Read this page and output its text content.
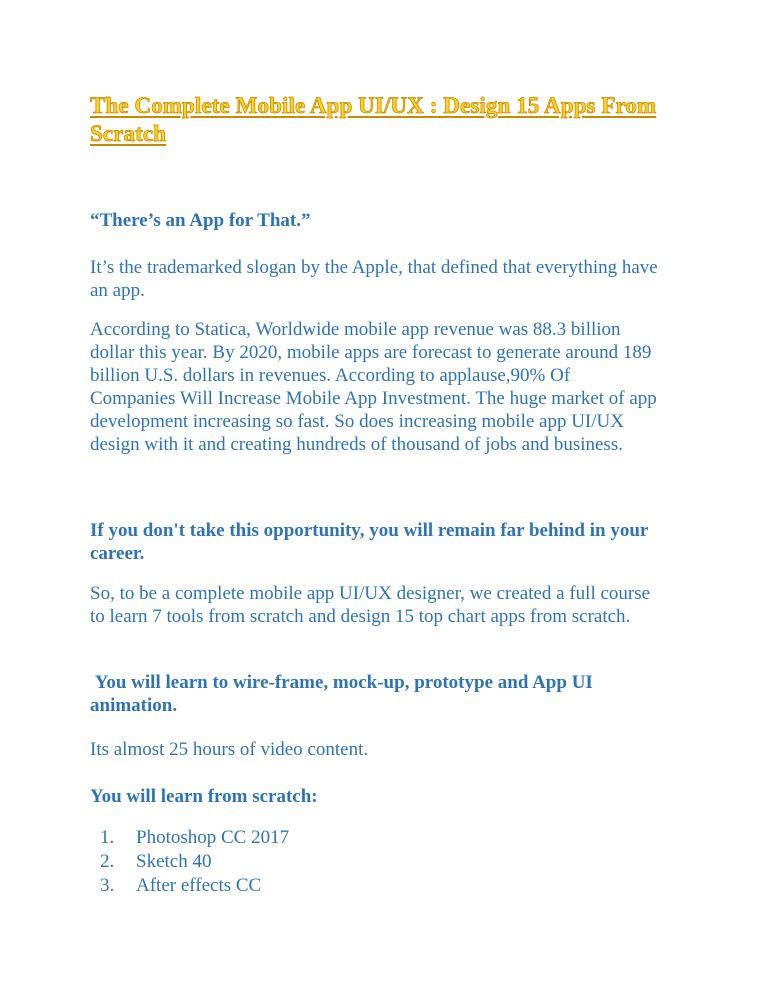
The Complete Mobile App UI/UX : Design 15 Apps From Scratch

“There’s an App for That.”

It’s the trademarked slogan by the Apple, that defined that everything have an app.

According to Statica, Worldwide mobile app revenue was 88.3 billion dollar this year. By 2020, mobile apps are forecast to generate around 189 billion U.S. dollars in revenues. According to applause,90% Of Companies Will Increase Mobile App Investment. The huge market of app development increasing so fast. So does increasing mobile app UI/UX design with it and creating hundreds of thousand of jobs and business.

If you don't take this opportunity, you will remain far behind in your career.

So, to be a complete mobile app UI/UX designer, we created a full course to learn 7 tools from scratch and design 15 top chart apps from scratch.

You will learn to wire-frame, mock-up, prototype and App UI animation.

Its almost 25 hours of video content.

You will learn from scratch:

1.	Photoshop CC 2017
2.	Sketch 40
3.	After effects CC
